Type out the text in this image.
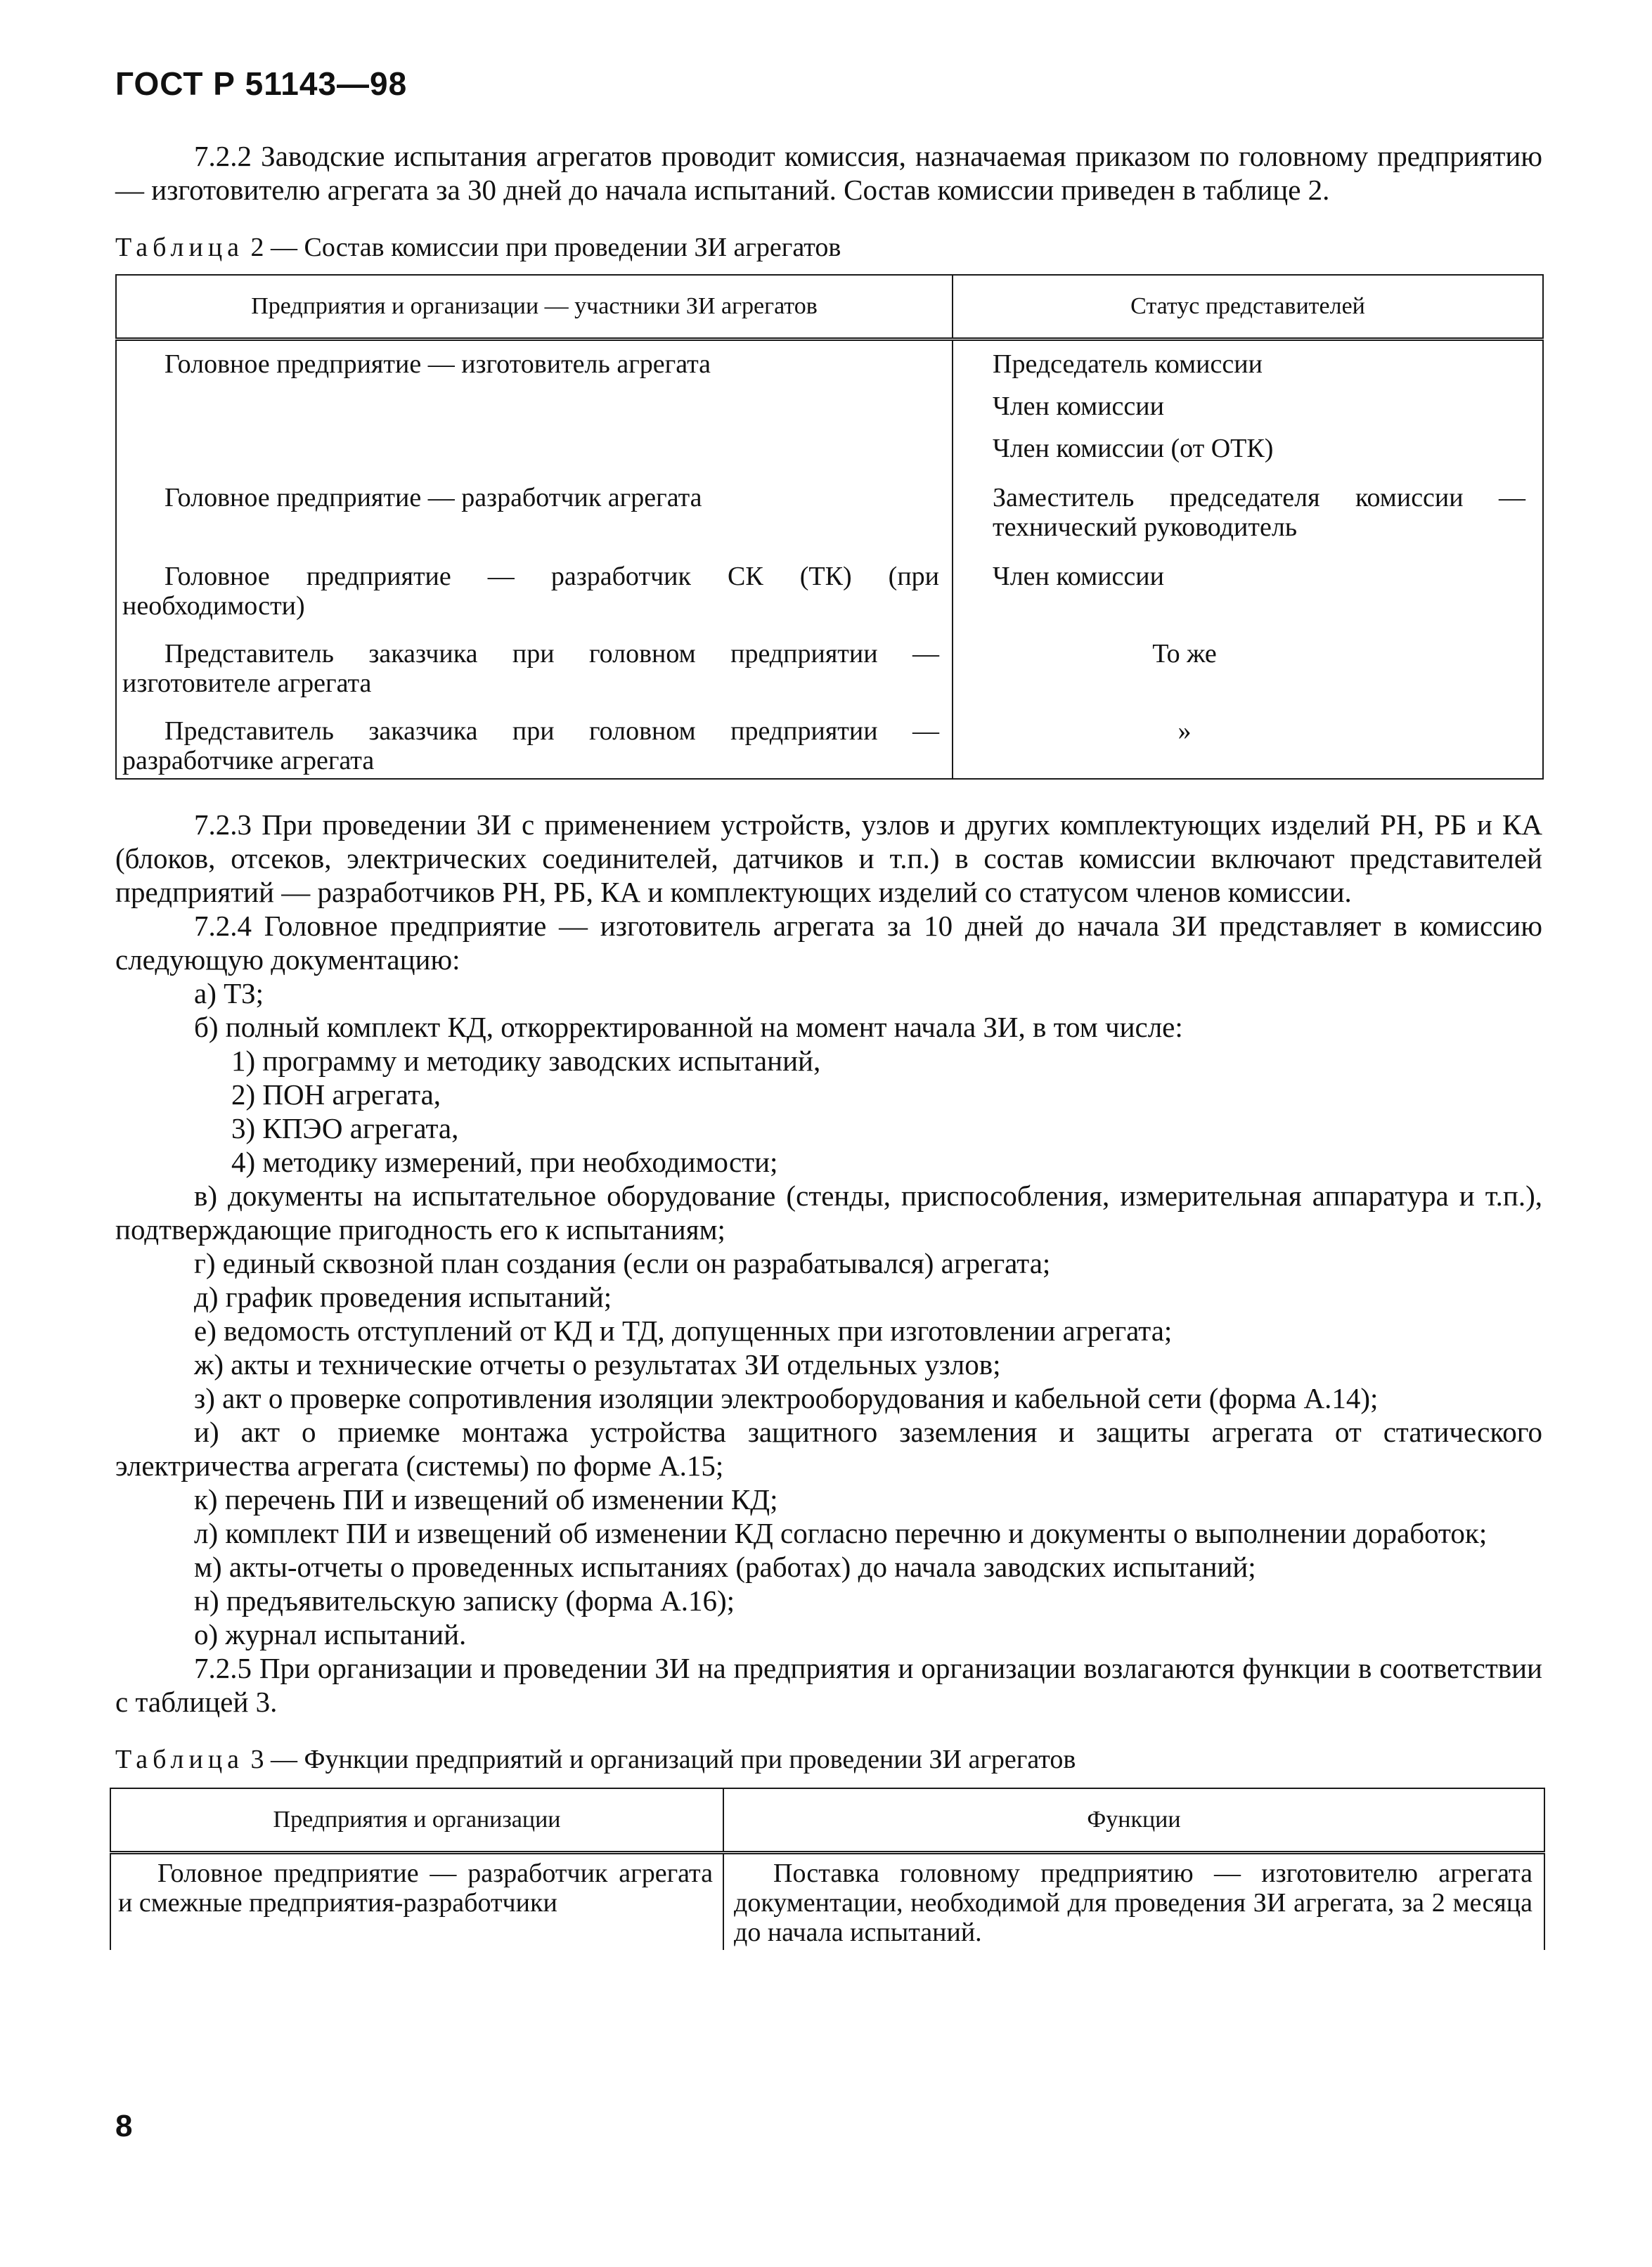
ГОСТ Р 51143—98

7.2.2 Заводские испытания агрегатов проводит комиссия, назначаемая приказом по головному предприятию — изготовителю агрегата за 30 дней до начала испытаний. Состав комиссии приведен в таблице 2.

Таблица 2 — Состав комиссии при проведении ЗИ агрегатов

Предприятия и организации — участники ЗИ агрегатов	Статус представителей

Головное предприятие — изготовитель агрегата	Председатель комиссии
Член комиссии
Член комиссии (от ОТК)

Головное предприятие — разработчик агрегата	Заместитель председателя комиссии — технический руководитель

Головное предприятие — разработчик СК (ТК) (при необходимости)	Член комиссии

Представитель заказчика при головном предприятии — изготовителе агрегата	То же

Представитель заказчика при головном предприятии — разработчике агрегата	»

7.2.3 При проведении ЗИ с применением устройств, узлов и других комплектующих изделий РН, РБ и КА (блоков, отсеков, электрических соединителей, датчиков и т.п.) в состав комиссии включают представителей предприятий — разработчиков РН, РБ, КА и комплектующих изделий со статусом членов комиссии.

7.2.4 Головное предприятие — изготовитель агрегата за 10 дней до начала ЗИ представляет в комиссию следующую документацию:

а) ТЗ;

б) полный комплект КД, откорректированной на момент начала ЗИ, в том числе:

1) программу и методику заводских испытаний,

2) ПОН агрегата,

3) КПЭО агрегата,

4) методику измерений, при необходимости;

в) документы на испытательное оборудование (стенды, приспособления, измерительная аппаратура и т.п.), подтверждающие пригодность его к испытаниям;

г) единый сквозной план создания (если он разрабатывался) агрегата;

д) график проведения испытаний;

е) ведомость отступлений от КД и ТД, допущенных при изготовлении агрегата;

ж) акты и технические отчеты о результатах ЗИ отдельных узлов;

з) акт о проверке сопротивления изоляции электрооборудования и кабельной сети (форма А.14);

и) акт о приемке монтажа устройства защитного заземления и защиты агрегата от статического электричества агрегата (системы) по форме А.15;

к) перечень ПИ и извещений об изменении КД;

л) комплект ПИ и извещений об изменении КД согласно перечню и документы о выполнении доработок;

м) акты-отчеты о проведенных испытаниях (работах) до начала заводских испытаний;

н) предъявительскую записку (форма А.16);

о) журнал испытаний.

7.2.5 При организации и проведении ЗИ на предприятия и организации возлагаются функции в соответствии с таблицей 3.

Таблица 3 — Функции предприятий и организаций при проведении ЗИ агрегатов

Предприятия и организации	Функции

Головное предприятие — разработчик агрегата и смежные предприятия-разработчики	Поставка головному предприятию — изготовителю агрегата документации, необходимой для проведения ЗИ агрегата, за 2 месяца до начала испытаний.
8
